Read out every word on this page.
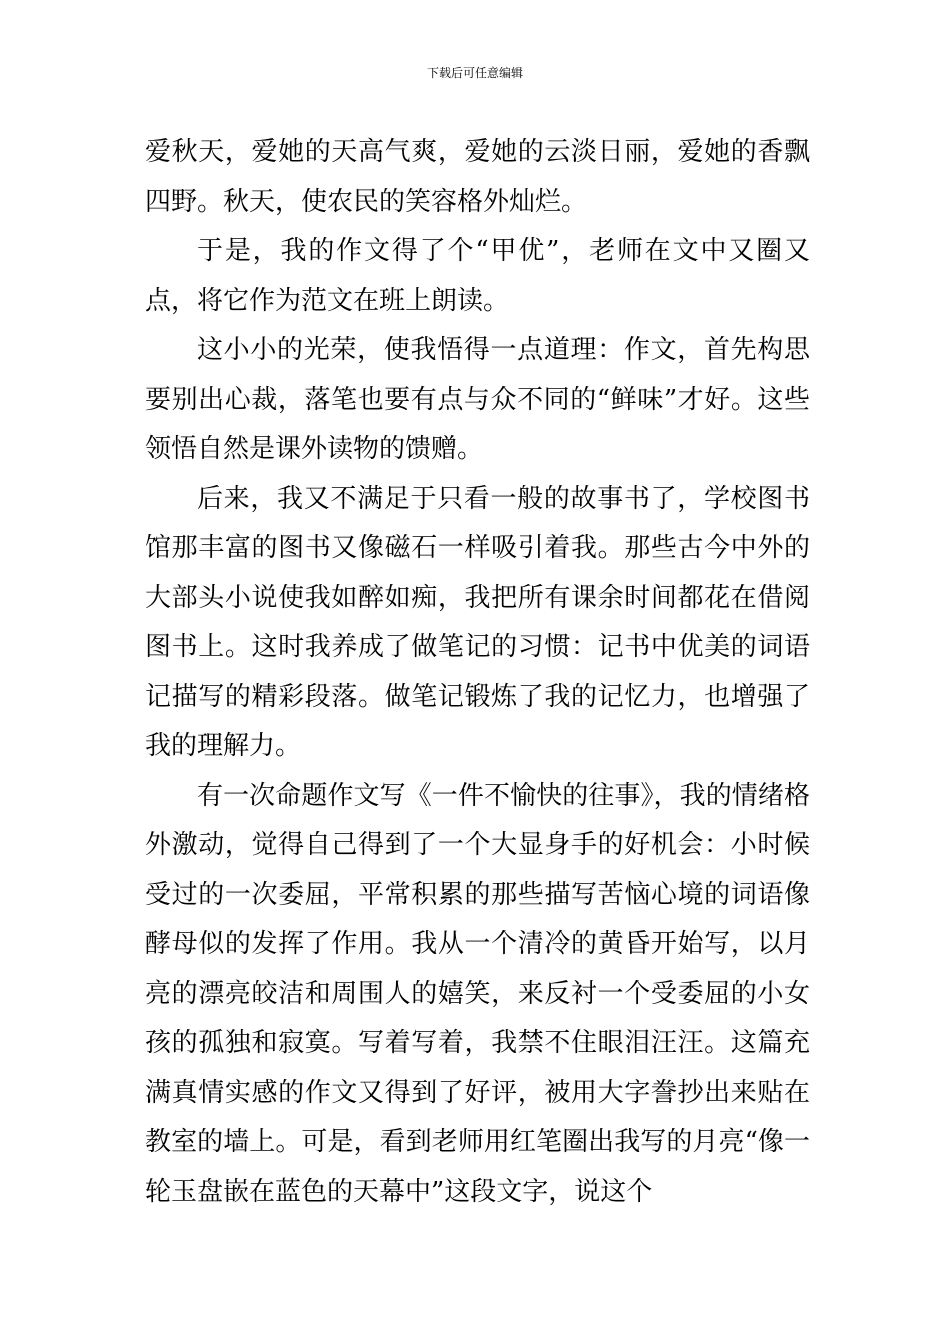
下载后可任意编辑

爱秋天，爱她的天高气爽，爱她的云淡日丽，爱她的香飘四野。秋天，使农民的笑容格外灿烂。

于是，我的作文得了个“甲优”，老师在文中又圈又点，将它作为范文在班上朗读。

这小小的光荣，使我悟得一点道理：作文，首先构思要别出心裁，落笔也要有点与众不同的“鲜味”才好。这些领悟自然是课外读物的馈赠。

后来，我又不满足于只看一般的故事书了，学校图书馆那丰富的图书又像磁石一样吸引着我。那些古今中外的大部头小说使我如醉如痴，我把所有课余时间都花在借阅图书上。这时我养成了做笔记的习惯：记书中优美的词语记描写的精彩段落。做笔记锻炼了我的记忆力，也增强了我的理解力。

有一次命题作文写《一件不愉快的往事》，我的情绪格外激动，觉得自己得到了一个大显身手的好机会：小时候受过的一次委屈，平常积累的那些描写苦恼心境的词语像酵母似的发挥了作用。我从一个清冷的黄昏开始写，以月亮的漂亮皎洁和周围人的嬉笑，来反衬一个受委屈的小女孩的孤独和寂寞。写着写着，我禁不住眼泪汪汪。这篇充满真情实感的作文又得到了好评，被用大字誊抄出来贴在教室的墙上。可是，看到老师用红笔圈出我写的月亮“像一轮玉盘嵌在蓝色的天幕中”这段文字，说这个
